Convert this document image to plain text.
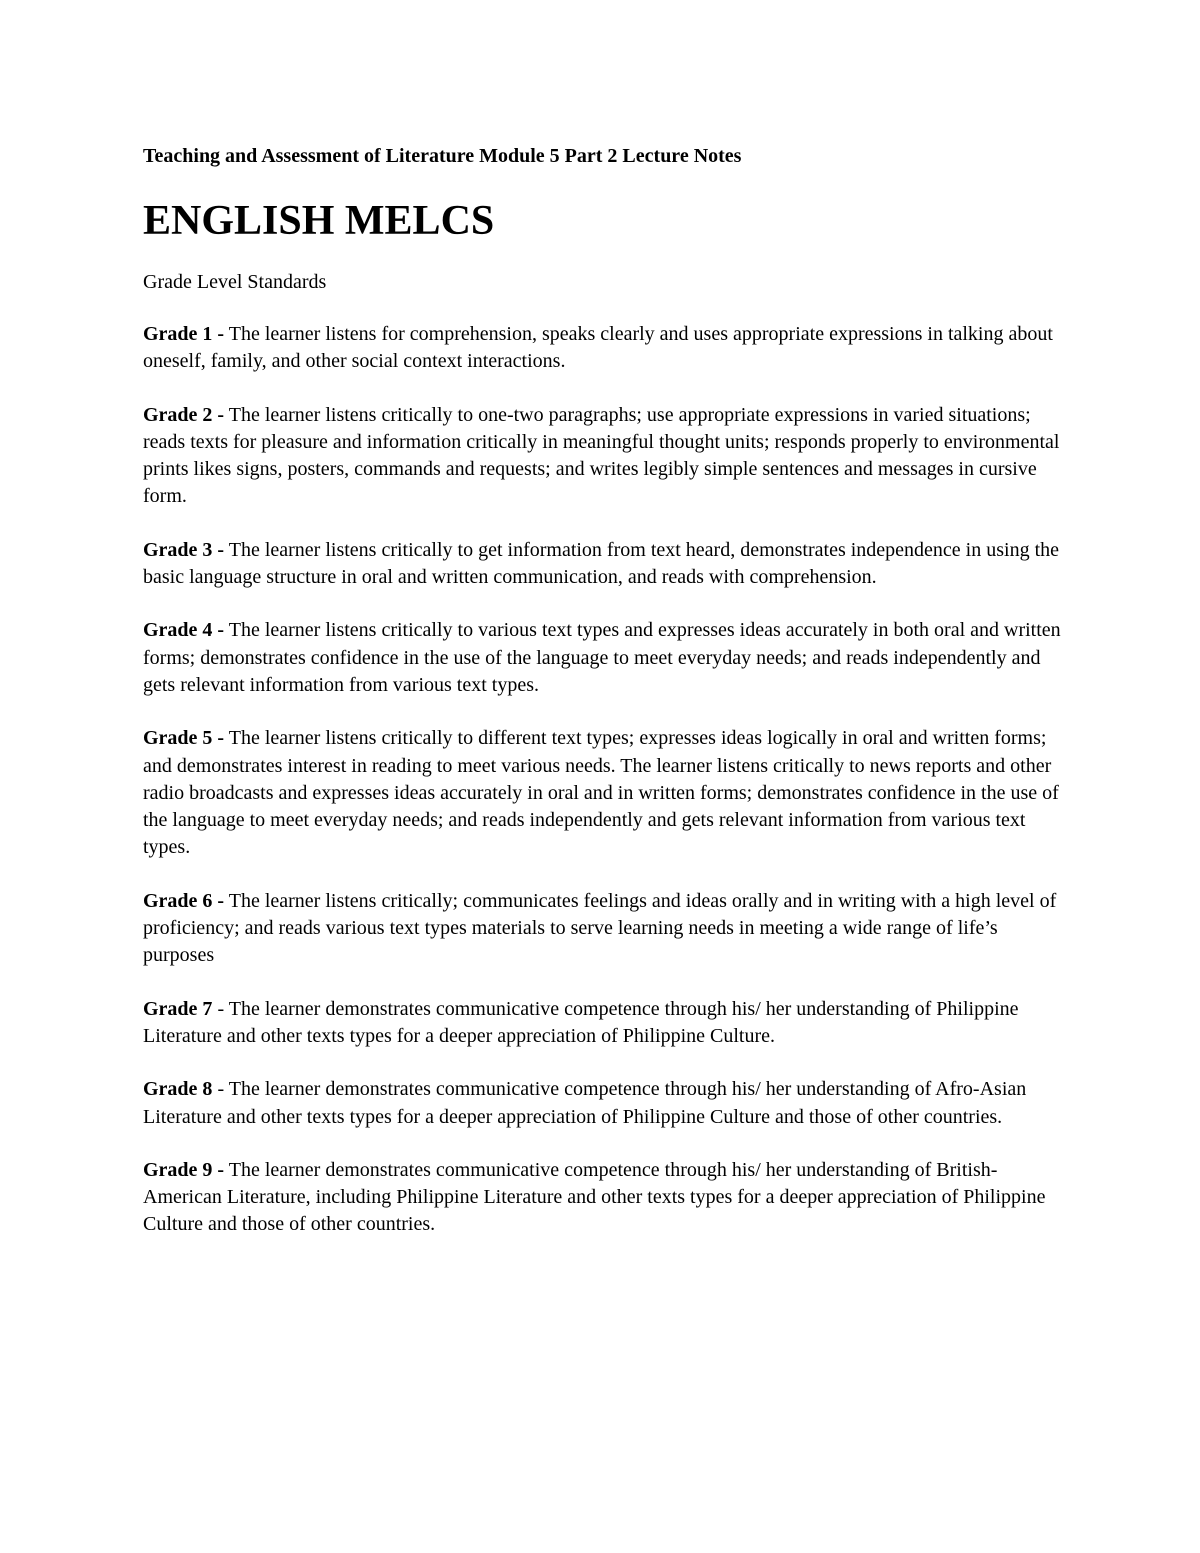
Teaching and Assessment of Literature Module 5 Part 2 Lecture Notes
ENGLISH MELCS
Grade Level Standards
Grade 1 - The learner listens for comprehension, speaks clearly and uses appropriate expressions in talking about oneself, family, and other social context interactions.
Grade 2 - The learner listens critically to one-two paragraphs; use appropriate expressions in varied situations; reads texts for pleasure and information critically in meaningful thought units; responds properly to environmental prints likes signs, posters, commands and requests; and writes legibly simple sentences and messages in cursive form.
Grade 3 - The learner listens critically to get information from text heard, demonstrates independence in using the basic language structure in oral and written communication, and reads with comprehension.
Grade 4 - The learner listens critically to various text types and expresses ideas accurately in both oral and written forms; demonstrates confidence in the use of the language to meet everyday needs; and reads independently and gets relevant information from various text types.
Grade 5 - The learner listens critically to different text types; expresses ideas logically in oral and written forms; and demonstrates interest in reading to meet various needs. The learner listens critically to news reports and other radio broadcasts and expresses ideas accurately in oral and in written forms; demonstrates confidence in the use of the language to meet everyday needs; and reads independently and gets relevant information from various text types.
Grade 6 - The learner listens critically; communicates feelings and ideas orally and in writing with a high level of proficiency; and reads various text types materials to serve learning needs in meeting a wide range of life’s purposes
Grade 7 - The learner demonstrates communicative competence through his/ her understanding of Philippine Literature and other texts types for a deeper appreciation of Philippine Culture.
Grade 8 - The learner demonstrates communicative competence through his/ her understanding of Afro-Asian Literature and other texts types for a deeper appreciation of Philippine Culture and those of other countries.
Grade 9 - The learner demonstrates communicative competence through his/ her understanding of British-American Literature, including Philippine Literature and other texts types for a deeper appreciation of Philippine Culture and those of other countries.
